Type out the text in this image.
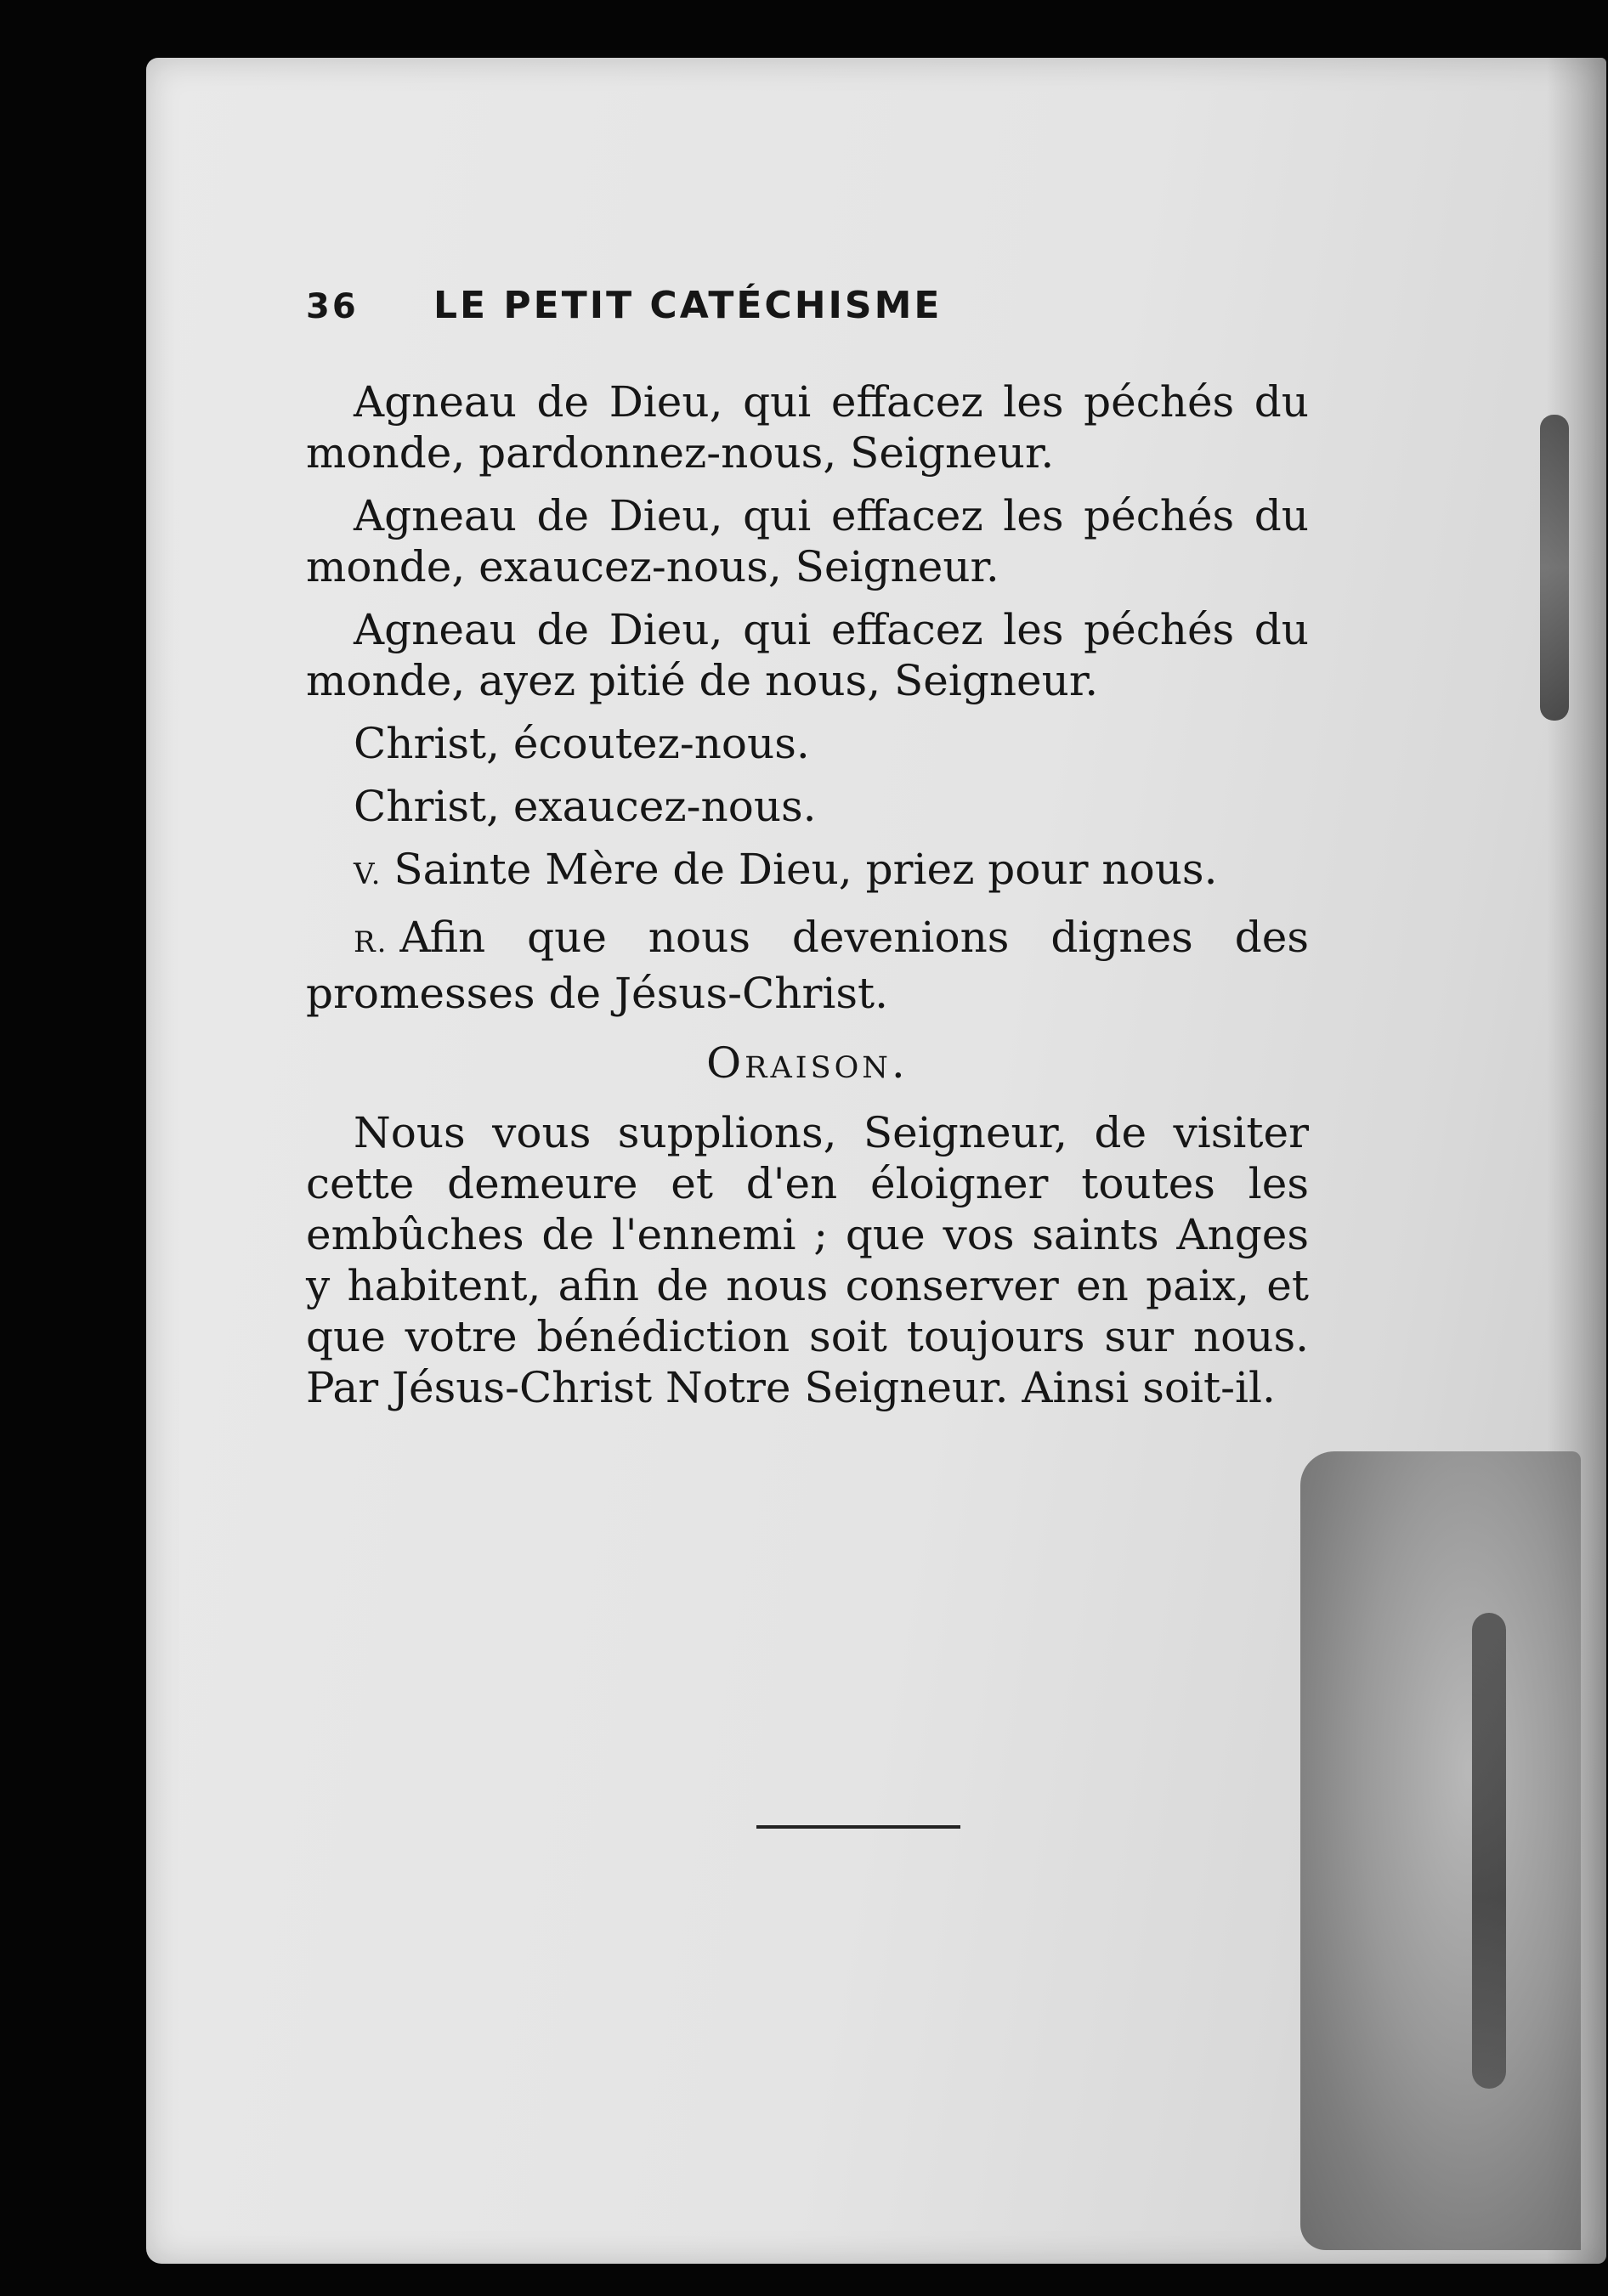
36	LE PETIT CATÉCHISME

Agneau de Dieu, qui effacez les péchés du monde, pardonnez-nous, Seigneur.

Agneau de Dieu, qui effacez les péchés du monde, exaucez-nous, Seigneur.

Agneau de Dieu, qui effacez les péchés du monde, ayez pitié de nous, Seigneur.

Christ, écoutez-nous.

Christ, exaucez-nous.

V. Sainte Mère de Dieu, priez pour nous.

R. Afin que nous devenions dignes des promesses de Jésus-Christ.

Oraison.

Nous vous supplions, Seigneur, de visiter cette demeure et d'en éloigner toutes les embûches de l'ennemi ; que vos saints Anges y habitent, afin de nous conserver en paix, et que votre bénédiction soit toujours sur nous. Par Jésus-Christ Notre Seigneur. Ainsi soit-il.
